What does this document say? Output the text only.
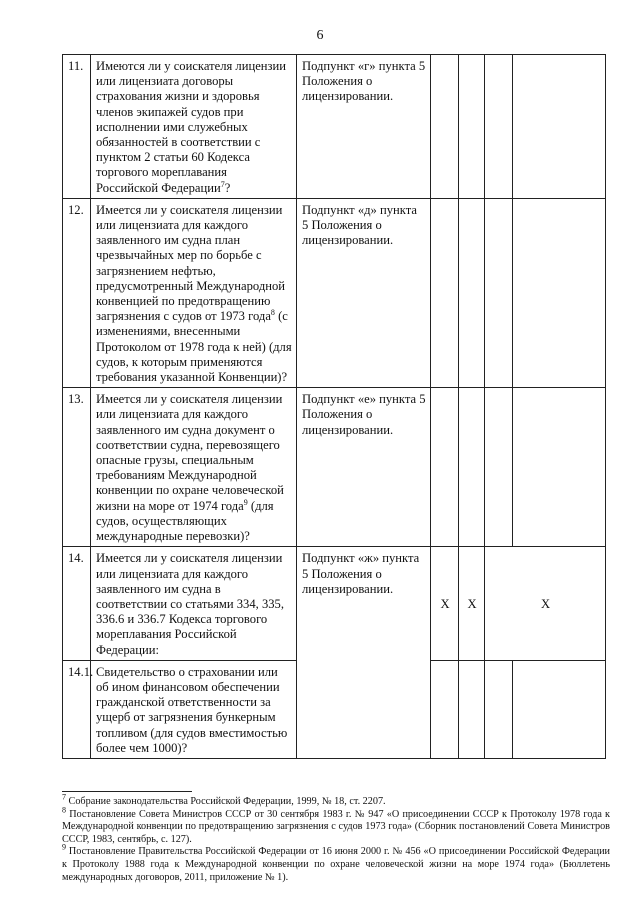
6
11.	Имеются ли у соискателя лицензии или лицензиата договоры страхования жизни и здоровья членов экипажей судов при исполнении ими служебных обязанностей в соответствии с пунктом 2 статьи 60 Кодекса торгового мореплавания Российской Федерации$^7$?	Подпункт «г» пункта 5 Положения о лицензировании.				
12.	Имеется ли у соискателя лицензии или лицензиата для каждого заявленного им судна план чрезвычайных мер по борьбе с загрязнением нефтью, предусмотренный Международной конвенцией по предотвращению загрязнения с судов от 1973 года$^8$ (с изменениями, внесенными Протоколом от 1978 года к ней) (для судов, к которым применяются требования указанной Конвенции)?	Подпункт «д» пункта 5 Положения о лицензировании.				
13.	Имеется ли у соискателя лицензии или лицензиата для каждого заявленного им судна документ о соответствии судна, перевозящего опасные грузы, специальным требованиям Международной конвенции по охране человеческой жизни на море от 1974 года$^9$ (для судов, осуществляющих международные перевозки)?	Подпункт «е» пункта 5 Положения о лицензировании.				
14.	Имеется ли у соискателя лицензии или лицензиата для каждого заявленного им судна в соответствии со статьями 334, 335, 336.6 и 336.7 Кодекса торгового мореплавания Российской Федерации:	Подпункт «ж» пункта 5 Положения о лицензировании.	X	X	X	
14.1.	Свидетельство о страховании или об ином финансовом обеспечении гражданской ответственности за ущерб от загрязнения бункерным топливом (для судов вместимостью более чем 1000)?					

$^7$ Собрание законодательства Российской Федерации, 1999, № 18, ст. 2207.

$^8$ Постановление Совета Министров СССР от 30 сентября 1983 г. № 947 «О присоединении СССР к Протоколу 1978 года к Международной конвенции по предотвращению загрязнения с судов 1973 года» (Сборник постановлений Совета Министров СССР, 1983, сентябрь, с. 127).

$^9$ Постановление Правительства Российской Федерации от 16 июня 2000 г. № 456 «О присоединении Российской Федерации к Протоколу 1988 года к Международной конвенции по охране человеческой жизни на море 1974 года» (Бюллетень международных договоров, 2011, приложение № 1).
